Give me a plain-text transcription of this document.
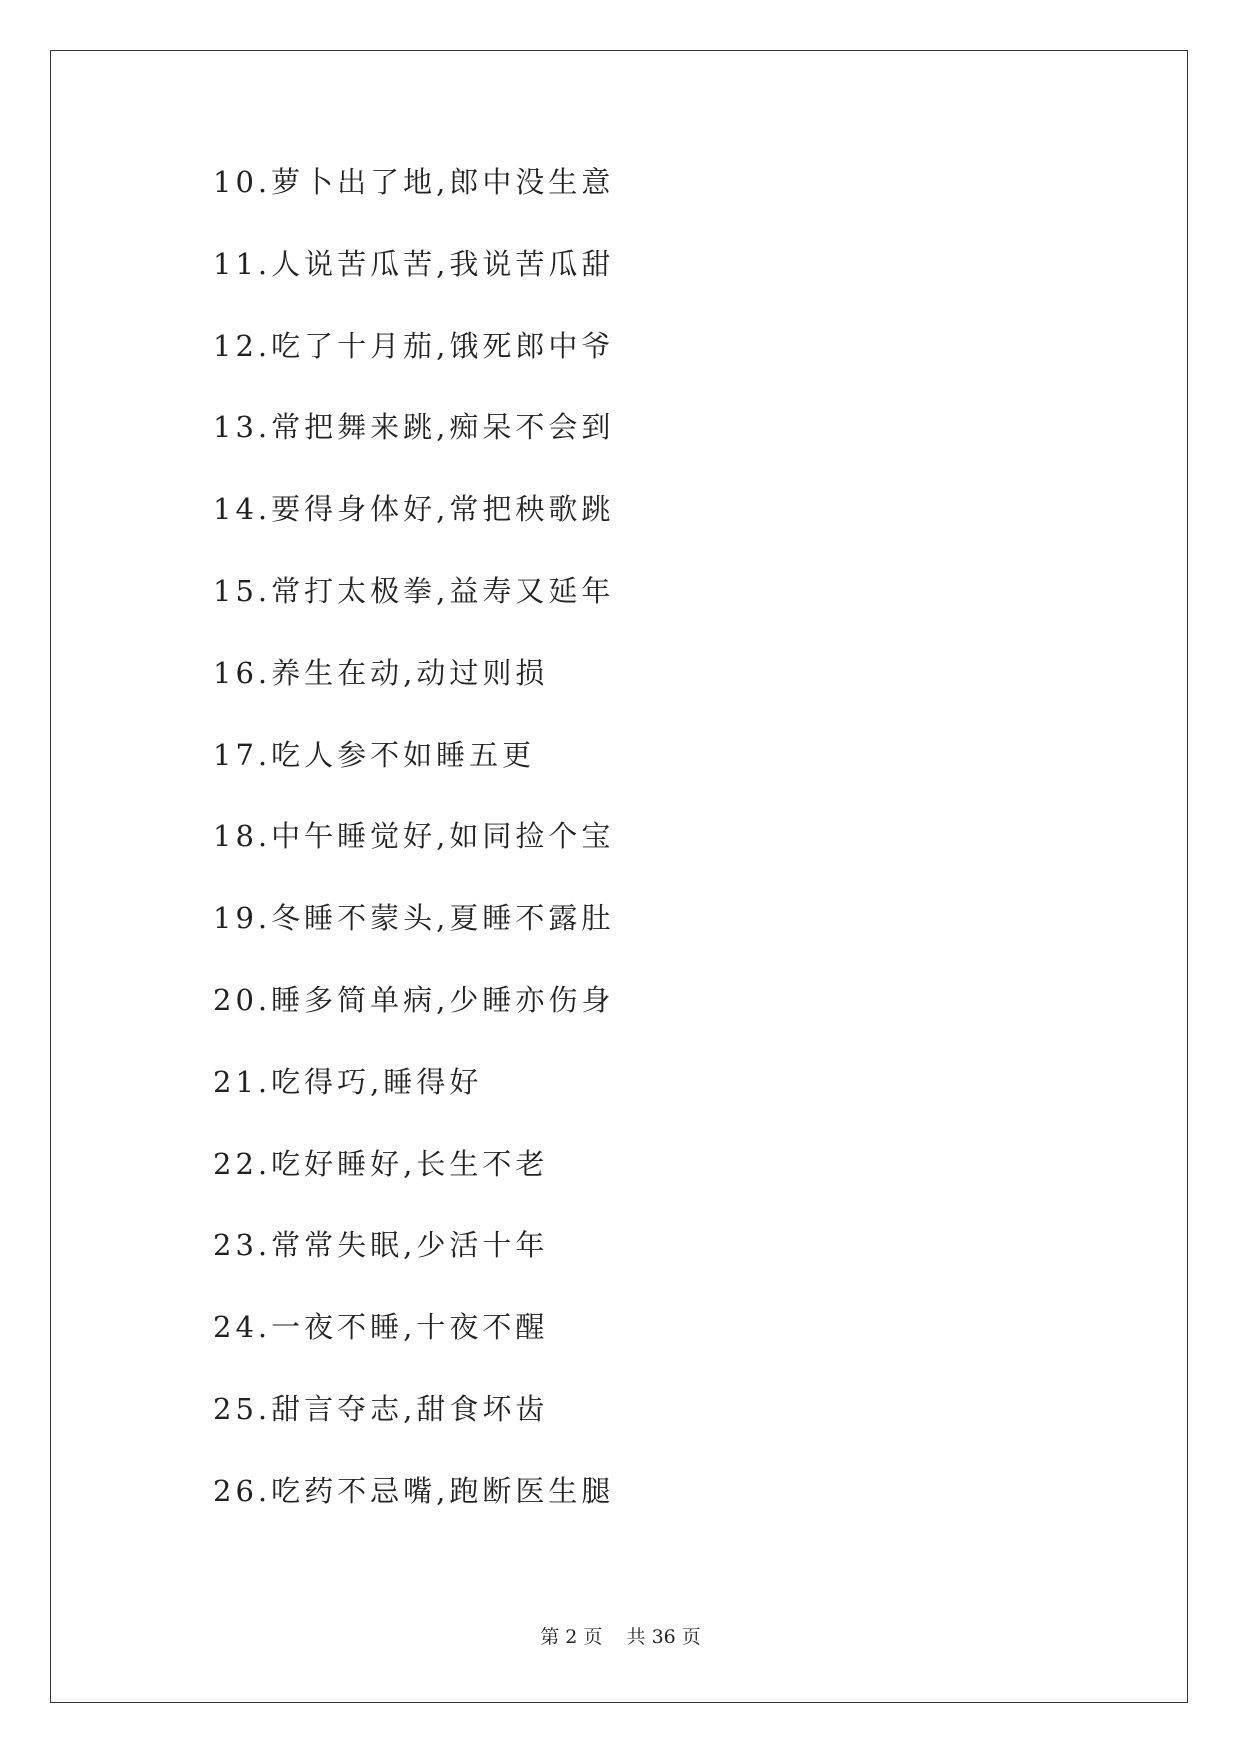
10.萝卜出了地,郎中没生意
11.人说苦瓜苦,我说苦瓜甜
12.吃了十月茄,饿死郎中爷
13.常把舞来跳,痴呆不会到
14.要得身体好,常把秧歌跳
15.常打太极拳,益寿又延年
16.养生在动,动过则损
17.吃人参不如睡五更
18.中午睡觉好,如同捡个宝
19.冬睡不蒙头,夏睡不露肚
20.睡多简单病,少睡亦伤身
21.吃得巧,睡得好
22.吃好睡好,长生不老
23.常常失眠,少活十年
24.一夜不睡,十夜不醒
25.甜言夺志,甜食坏齿
26.吃药不忌嘴,跑断医生腿
第 2 页 共 36 页
